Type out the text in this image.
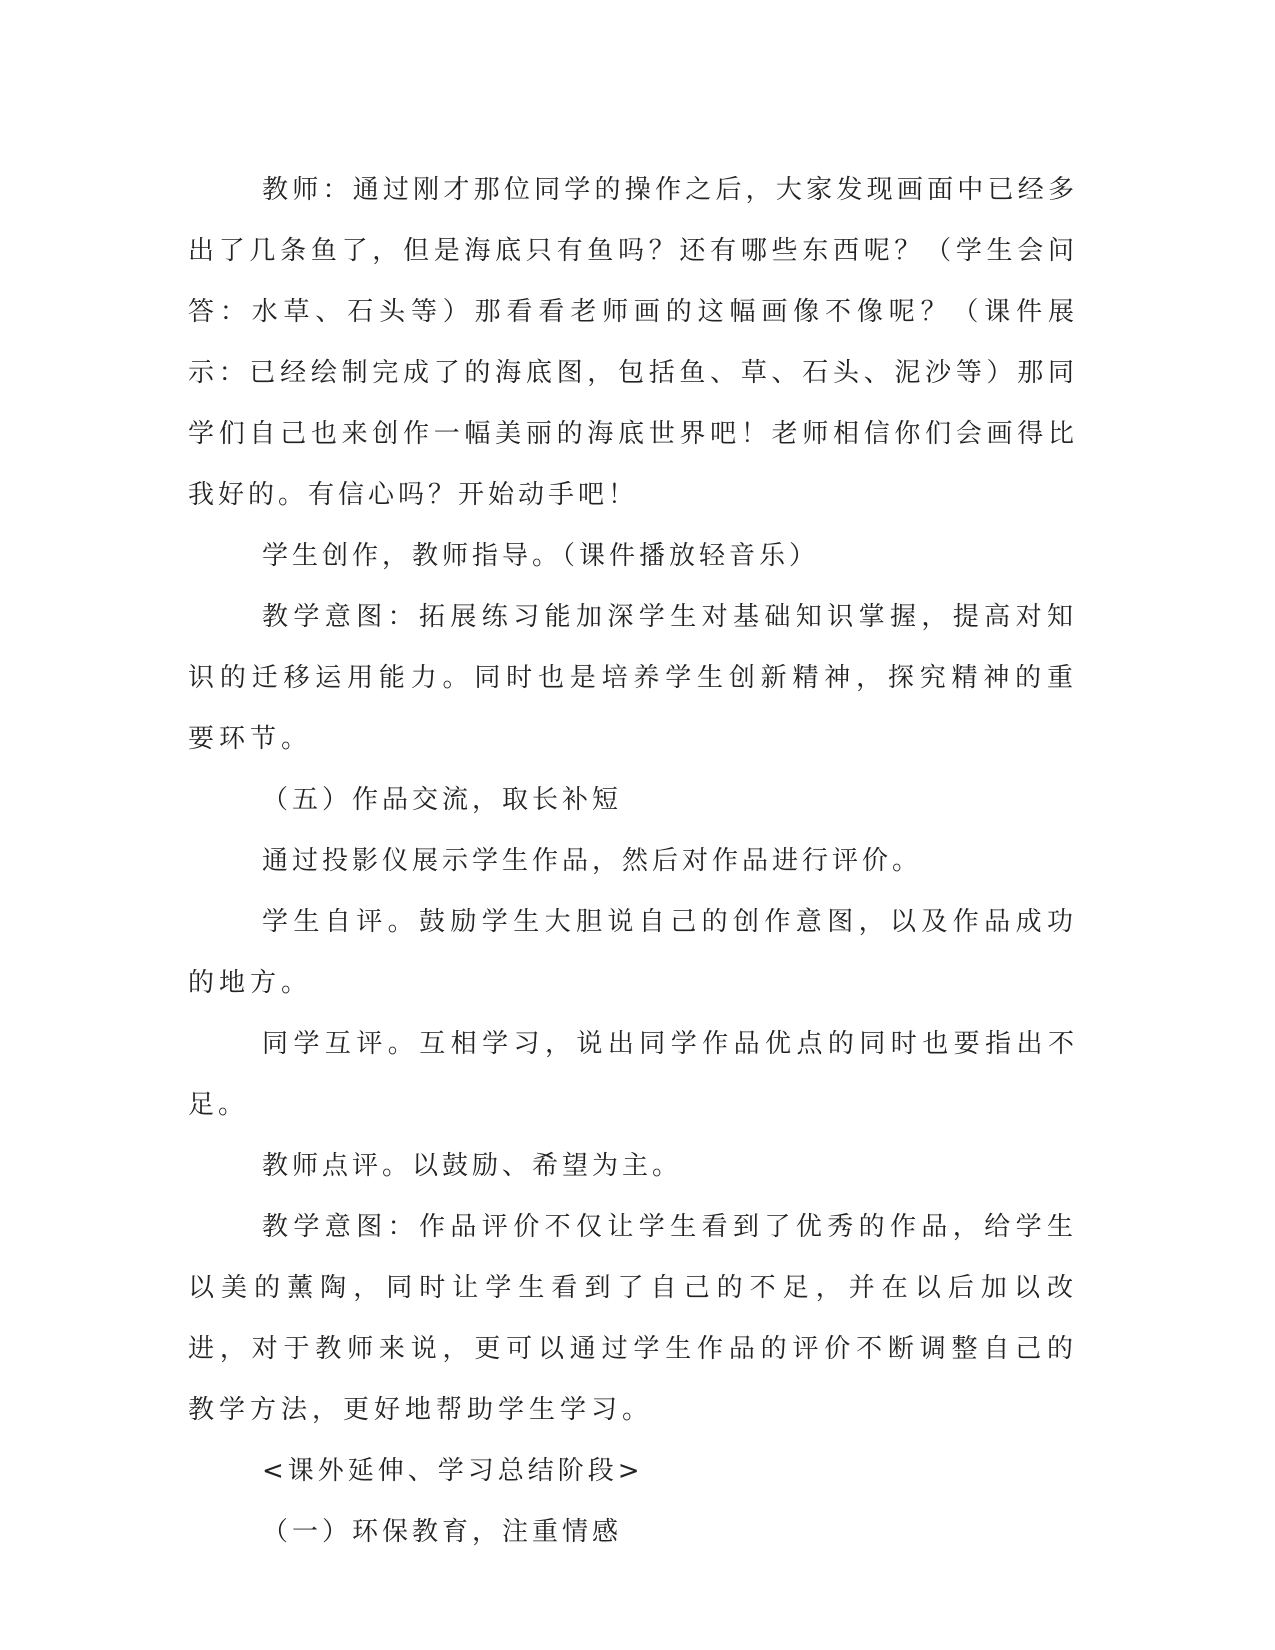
教师：通过刚才那位同学的操作之后，大家发现画面中已经多出了几条鱼了，但是海底只有鱼吗？还有哪些东西呢？（学生会问答：水草、石头等）那看看老师画的这幅画像不像呢？（课件展示：已经绘制完成了的海底图，包括鱼、草、石头、泥沙等）那同学们自己也来创作一幅美丽的海底世界吧！老师相信你们会画得比我好的。有信心吗？开始动手吧！

学生创作，教师指导。（课件播放轻音乐）

教学意图：拓展练习能加深学生对基础知识掌握，提高对知识的迁移运用能力。同时也是培养学生创新精神，探究精神的重要环节。

（五）作品交流，取长补短

通过投影仪展示学生作品，然后对作品进行评价。

学生自评。鼓励学生大胆说自己的创作意图，以及作品成功的地方。

同学互评。互相学习，说出同学作品优点的同时也要指出不足。

教师点评。以鼓励、希望为主。

教学意图：作品评价不仅让学生看到了优秀的作品，给学生以美的薰陶，同时让学生看到了自己的不足，并在以后加以改进，对于教师来说，更可以通过学生作品的评价不断调整自己的教学方法，更好地帮助学生学习。

<课外延伸、学习总结阶段>

（一）环保教育，注重情感
